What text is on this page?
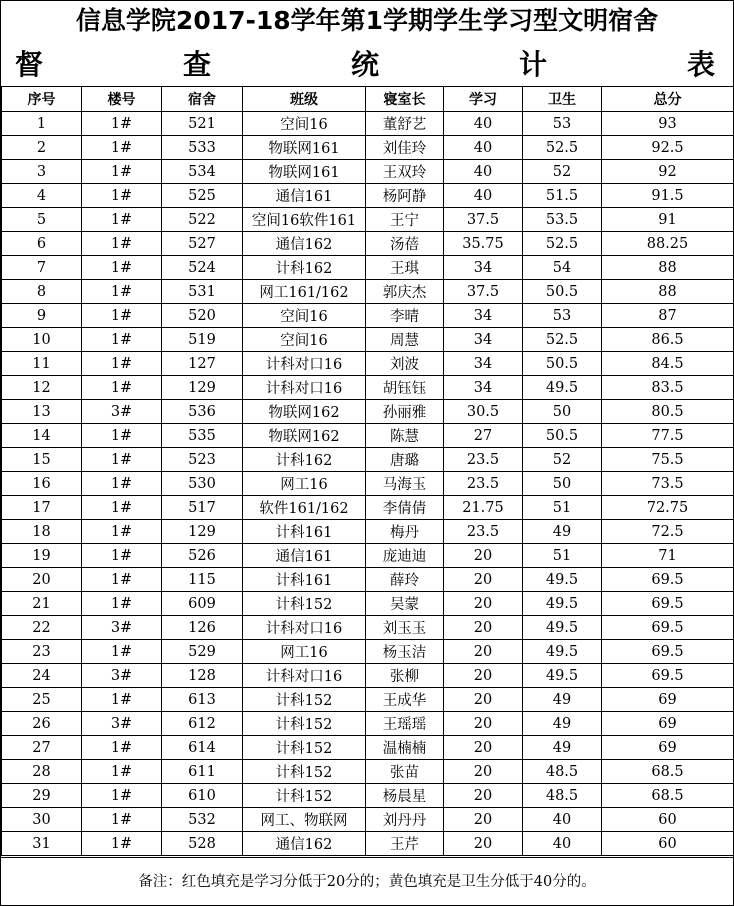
信息学院2017-18学年第1学期学生学习型文明宿舍
督	查	统	计	表
序号	楼号	宿舍	班级	寝室长	学习	卫生	总分
1	1#	521	空间16	董舒艺	40	53	93
2	1#	533	物联网161	刘佳玲	40	52.5	92.5
3	1#	534	物联网161	王双玲	40	52	92
4	1#	525	通信161	杨阿静	40	51.5	91.5
5	1#	522	空间16软件161	王宁	37.5	53.5	91
6	1#	527	通信162	汤蓓	35.75	52.5	88.25
7	1#	524	计科162	王琪	34	54	88
8	1#	531	网工161/162	郭庆杰	37.5	50.5	88
9	1#	520	空间16	李晴	34	53	87
10	1#	519	空间16	周慧	34	52.5	86.5
11	1#	127	计科对口16	刘波	34	50.5	84.5
12	1#	129	计科对口16	胡钰钰	34	49.5	83.5
13	3#	536	物联网162	孙丽雅	30.5	50	80.5
14	1#	535	物联网162	陈慧	27	50.5	77.5
15	1#	523	计科162	唐璐	23.5	52	75.5
16	1#	530	网工16	马海玉	23.5	50	73.5
17	1#	517	软件161/162	李倩倩	21.75	51	72.75
18	1#	129	计科161	梅丹	23.5	49	72.5
19	1#	526	通信161	庞迪迪	20	51	71
20	1#	115	计科161	薛玲	20	49.5	69.5
21	1#	609	计科152	吴蒙	20	49.5	69.5
22	3#	126	计科对口16	刘玉玉	20	49.5	69.5
23	1#	529	网工16	杨玉洁	20	49.5	69.5
24	3#	128	计科对口16	张柳	20	49.5	69.5
25	1#	613	计科152	王成华	20	49	69
26	3#	612	计科152	王瑶瑶	20	49	69
27	1#	614	计科152	温楠楠	20	49	69
28	1#	611	计科152	张苗	20	48.5	68.5
29	1#	610	计科152	杨晨星	20	48.5	68.5
30	1#	532	网工、物联网	刘丹丹	20	40	60
31	1#	528	通信162	王芹	20	40	60
备注：红色填充是学习分低于20分的；黄色填充是卫生分低于40分的。
